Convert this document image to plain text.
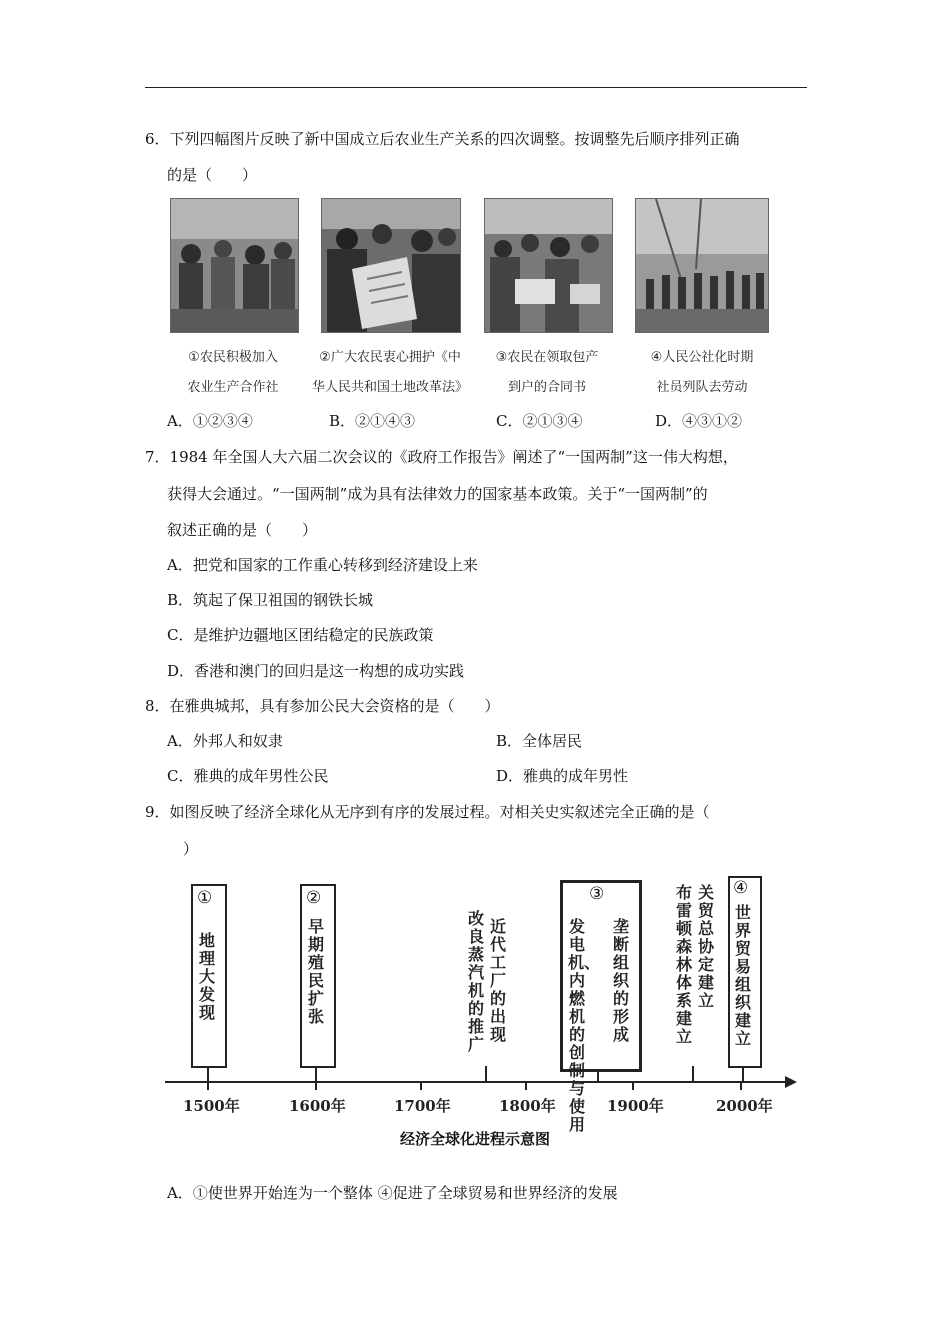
6．下列四幅图片反映了新中国成立后农业生产关系的四次调整。按调整先后顺序排列正确
的是（　　）
①农民积极加入
农业生产合作社
②广大农民衷心拥护《中
华人民共和国土地改革法》
③农民在领取包产
到户的合同书
④人民公社化时期
社员列队去劳动
A．①②③④	B．②①④③	C．②①③④	D．④③①②
7．1984 年全国人大六届二次会议的《政府工作报告》阐述了“一国两制”这一伟大构想，
获得大会通过。“一国两制”成为具有法律效力的国家基本政策。关于“一国两制”的
叙述正确的是（　　）
A．把党和国家的工作重心转移到经济建设上来
B．筑起了保卫祖国的钢铁长城
C．是维护边疆地区团结稳定的民族政策
D．香港和澳门的回归是这一构想的成功实践
8．在雅典城邦，具有参加公民大会资格的是（　　）
A．外邦人和奴隶	B．全体居民
C．雅典的成年男性公民	D．雅典的成年男性
9．如图反映了经济全球化从无序到有序的发展过程。对相关史实叙述完全正确的是（
）
1500年	1600年	1700年	1800年	1900年	2000年
①
地理大发现
②
早期殖民扩张
改良蒸汽机的推广
近代工厂的出现
③
发电机、内燃机的创制与使用
垄断组织的形成
布雷顿森林体系建立
关贸总协定建立
④
世界贸易组织建立
经济全球化进程示意图
A．①使世界开始连为一个整体 ④促进了全球贸易和世界经济的发展
